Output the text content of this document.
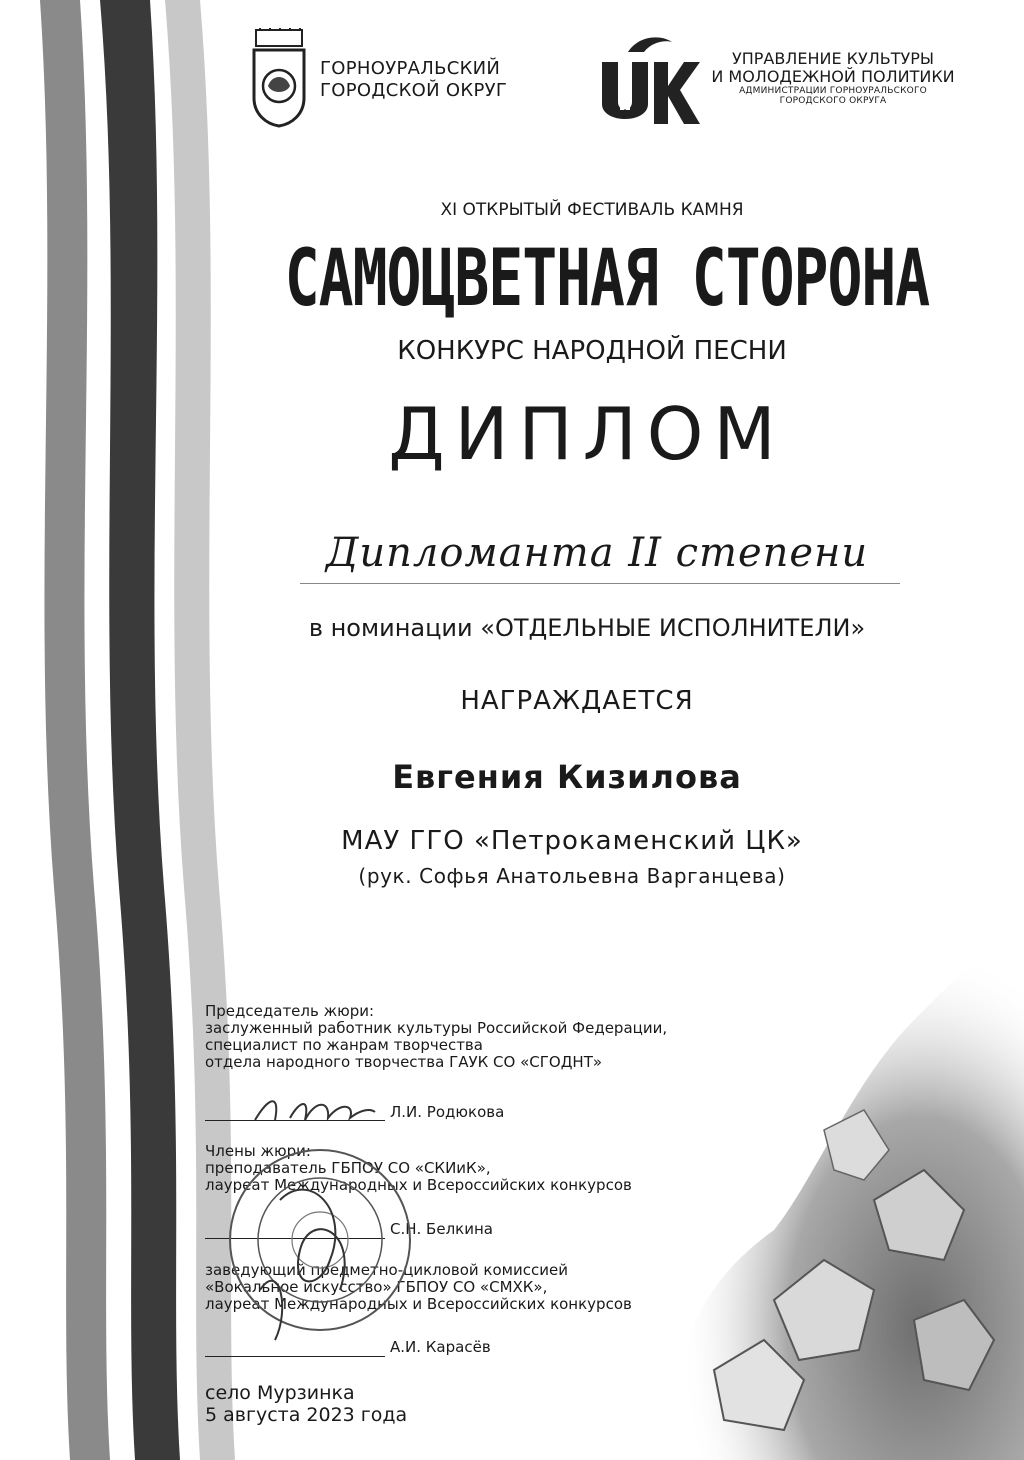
ГОРНОУРАЛЬСКИЙ
ГОРОДСКОЙ ОКРУГ
УПРАВЛЕНИЕ КУЛЬТУРЫ
И МОЛОДЕЖНОЙ ПОЛИТИКИ
АДМИНИСТРАЦИИ ГОРНОУРАЛЬСКОГО
ГОРОДСКОГО ОКРУГА
XI ОТКРЫТЫЙ ФЕСТИВАЛЬ КАМНЯ
САМОЦВЕТНАЯ СТОРОНА
КОНКУРС НАРОДНОЙ ПЕСНИ
ДИПЛОМ
Дипломанта II степени
в номинации «ОТДЕЛЬНЫЕ ИСПОЛНИТЕЛИ»
НАГРАЖДАЕТСЯ
Евгения Кизилова
МАУ ГГО «Петрокаменский ЦК»
(рук. Софья Анатольевна Варганцева)
Председатель жюри:
заслуженный работник культуры Российской Федерации,
специалист по жанрам творчества
отдела народного творчества ГАУК СО «СГОДНТ»
Л.И. Родюкова
Члены жюри:
преподаватель ГБПОУ СО «СКИиК»,
лауреат Международных и Всероссийских конкурсов
С.Н. Белкина
заведующий предметно-цикловой комиссией
«Вокальное искусство» ГБПОУ СО «СМХК»,
лауреат Международных и Всероссийских конкурсов
А.И. Карасёв
село Мурзинка
5 августа 2023 года
